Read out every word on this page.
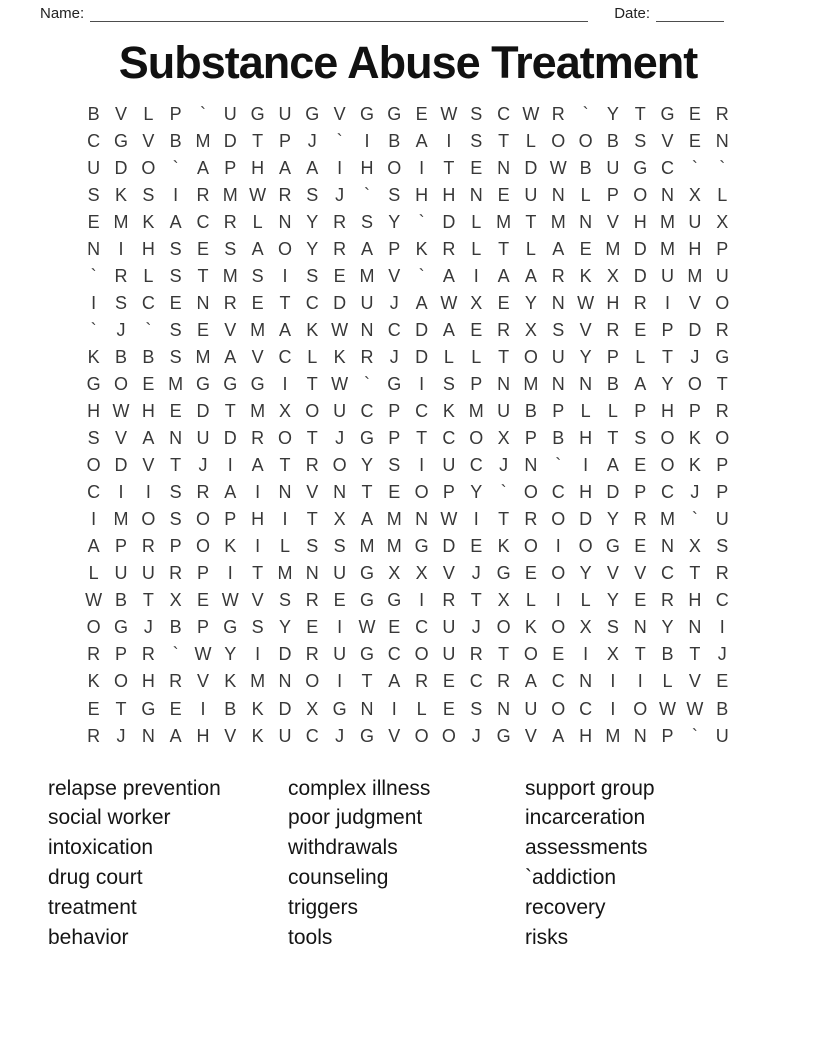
Name:	Date:
Substance Abuse Treatment
B V L P	` U G U G V G G E W S C W R `	Y T G E R
C G V B M D T P J	`	I	B A	I	S T L O O B S V E N
U D O `	A P H A A	I	H O I	T E N D W B U G C `	`
S K S	I	R M W R S J	`	S H H N E U N L P O N X L
E M K A C R L N Y R S Y	` D L M T M N V H M U X
N	I	H S E S A O Y R A P K R L T L A E M D M H P
` R L S T M S	I	S E M V	`	A	I	A A R K X D U M U
I	S C E N R E T C D U J A W X E Y N W H R	I	V O
`	J	`	S E V M A K W N C D A E R X S V R E P D R
K B B S M A V C L K R J D L L T O U Y P L T J G
G O E M G G G I	T W ` G I	S P N M N N B A Y O T
H W H E D T M X O U C P C K M U B P L L P H P R
S V A N U D R O T J G P T C O X P B H T S O K O
O D V T J	I	A T R O Y S	I	U C J N `	I	A E O K P
C	I	I	S R A	I	N V N T E O P Y	` O C H D P C J P
I M O S O P H	I	T X A M N W I	T R O D Y R M ` U
A P R P O K	I	L S S M M G D E K O I O G E N X S
L U U R P	I	T M N U G X X V J G E O Y V V C T R
W B T X E W V S R E G G I	R T X L	I	L Y E R H C
O G J B P G S Y E	I W E C U J O K O X S N Y N	I
R P R ` W Y	I	D R U G C O U R T O E	I	X T B T J
K O H R V K M N O I	T A R E C R A C N	I	I	L V E
E T G E	I	B K D X G N	I	L E S N U O C	I O W W B
R J N A H V K U C J G V O O J G V A H M N P	` U
relapse prevention
social worker
intoxication
drug court
treatment
behavior
complex illness
poor judgment
withdrawals
counseling
triggers
tools
support group
incarceration
assessments
`addiction
recovery
risks
